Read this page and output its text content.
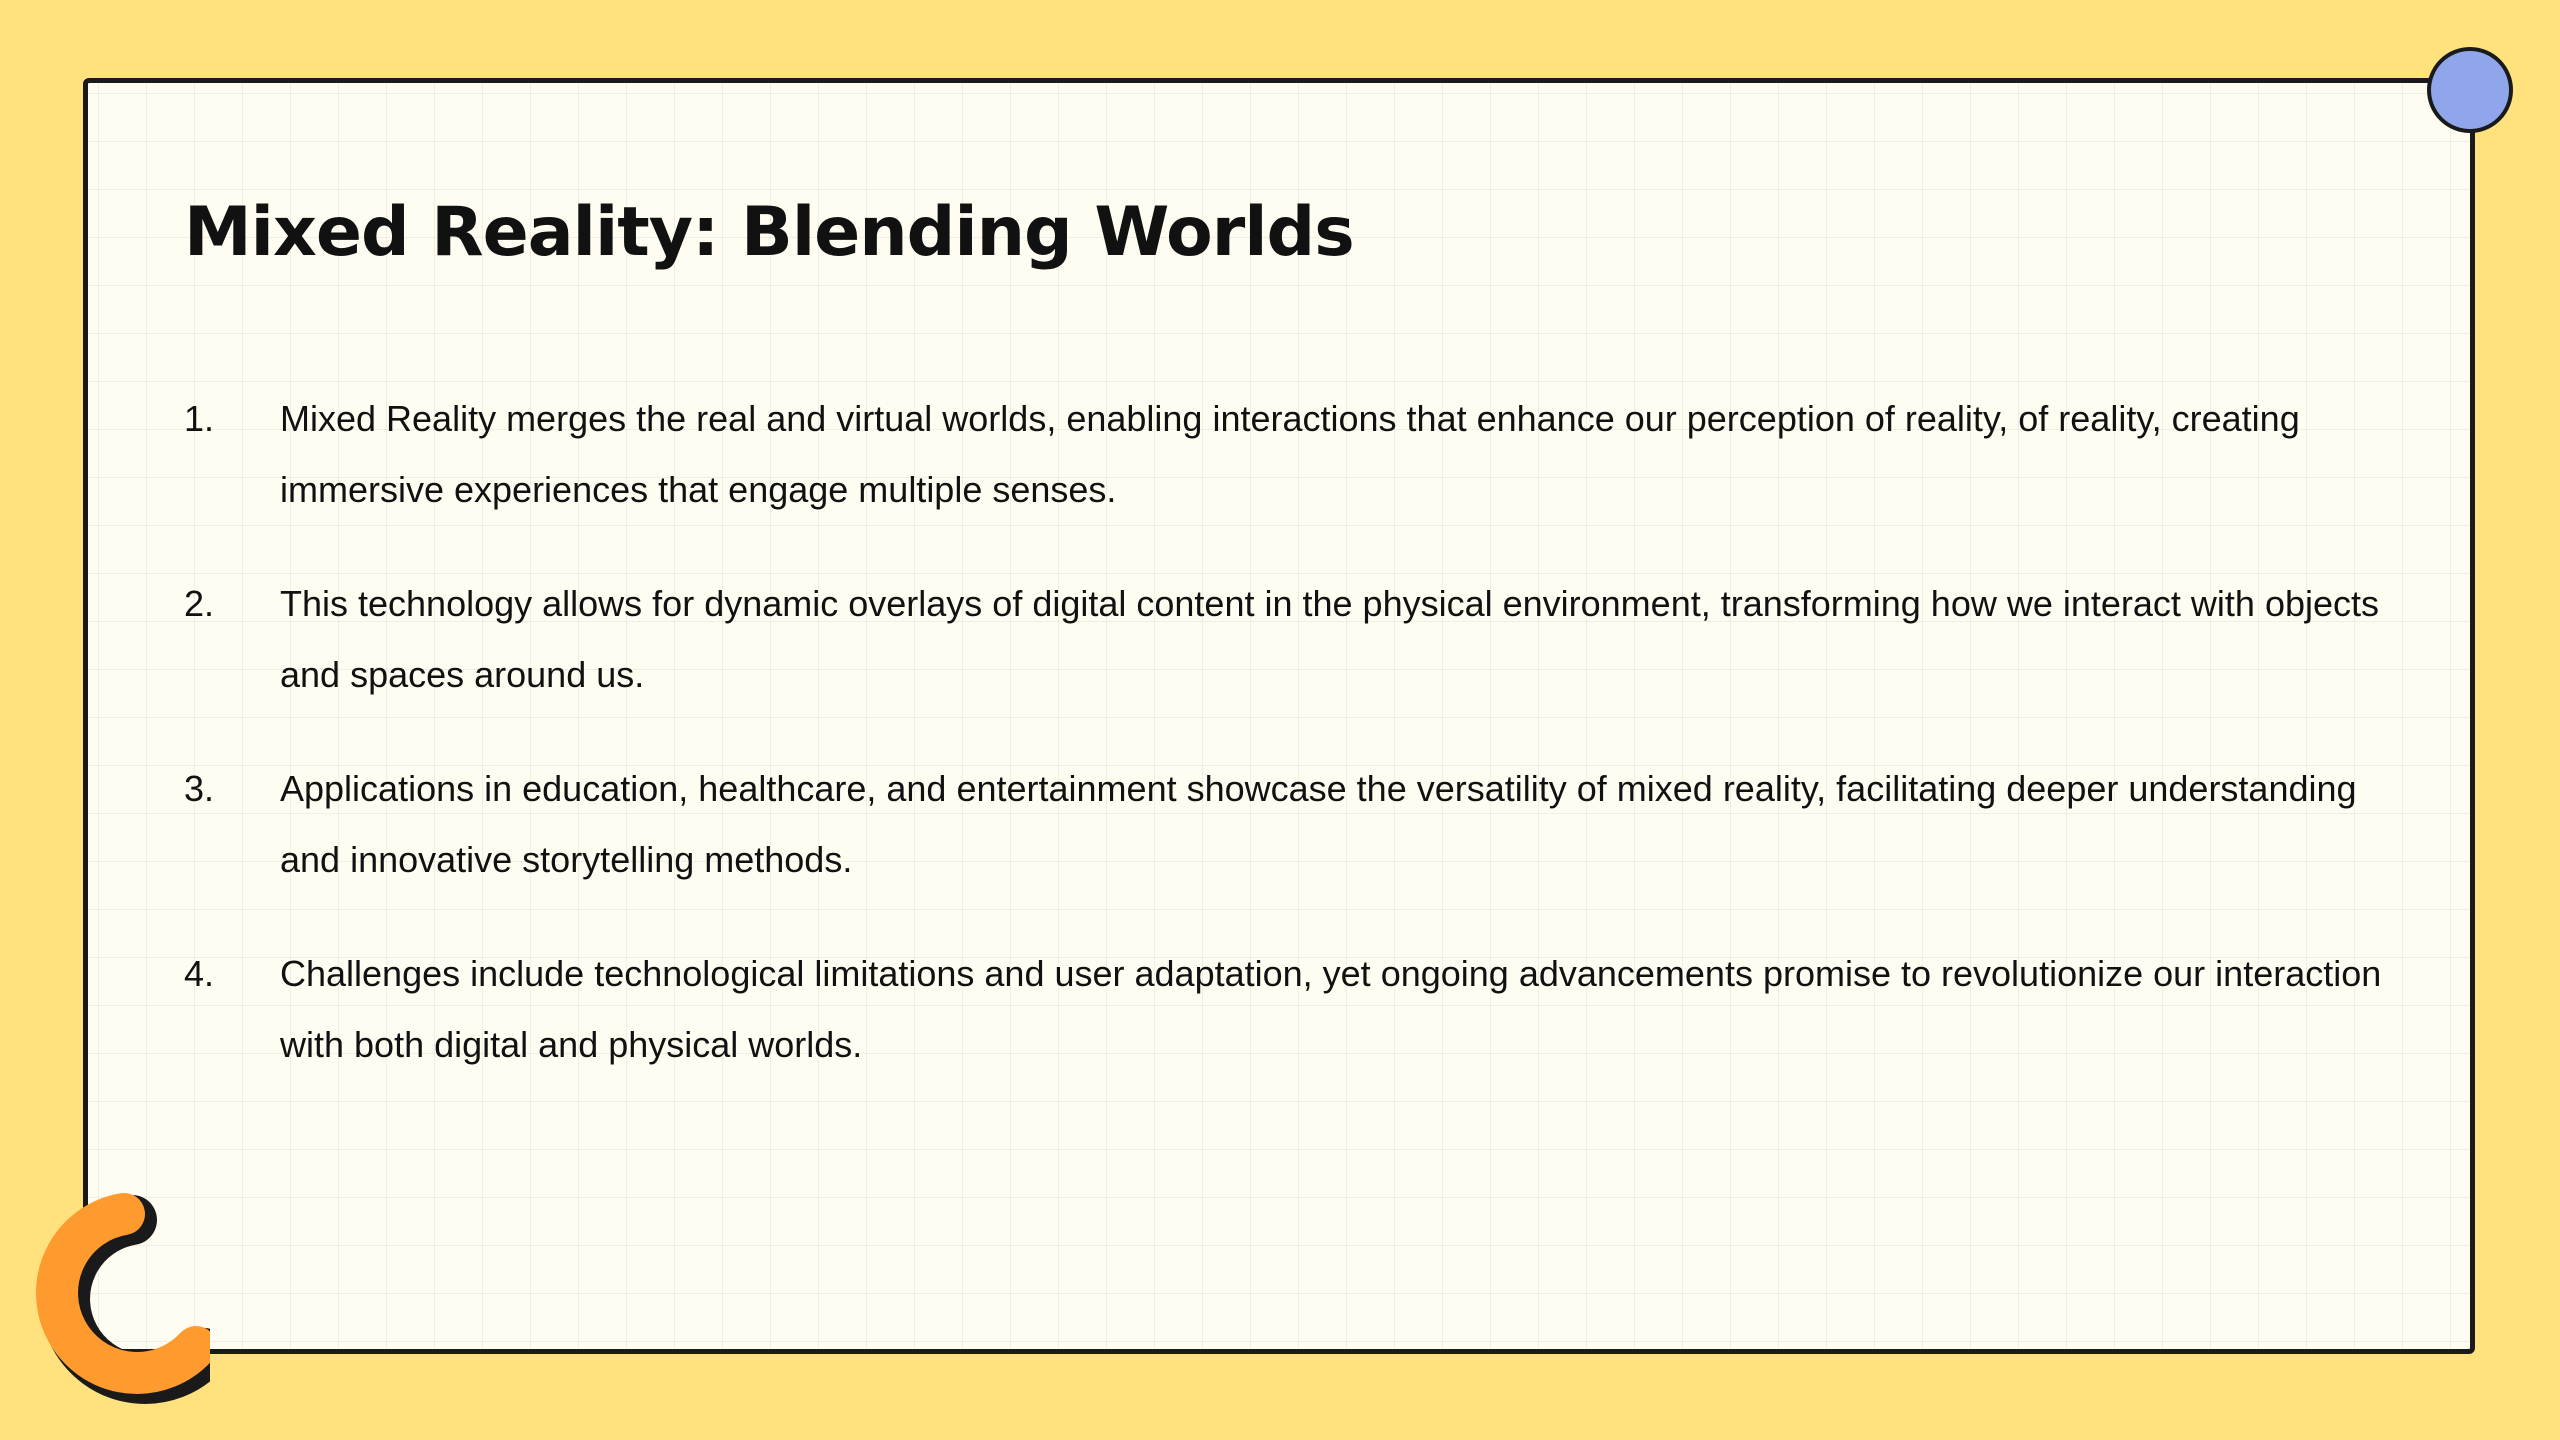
Mixed Reality: Blending Worlds
1.	Mixed Reality merges the real and virtual worlds, enabling interactions that enhance our perception of reality, of reality, creating immersive experiences that engage multiple senses.
2.	This technology allows for dynamic overlays of digital content in the physical environment, transforming how we interact with objects and spaces around us.
3.	Applications in education, healthcare, and entertainment showcase the versatility of mixed reality, facilitating deeper understanding and innovative storytelling methods.
4.	Challenges include technological limitations and user adaptation, yet ongoing advancements promise to revolutionize our interaction with both digital and physical worlds.
